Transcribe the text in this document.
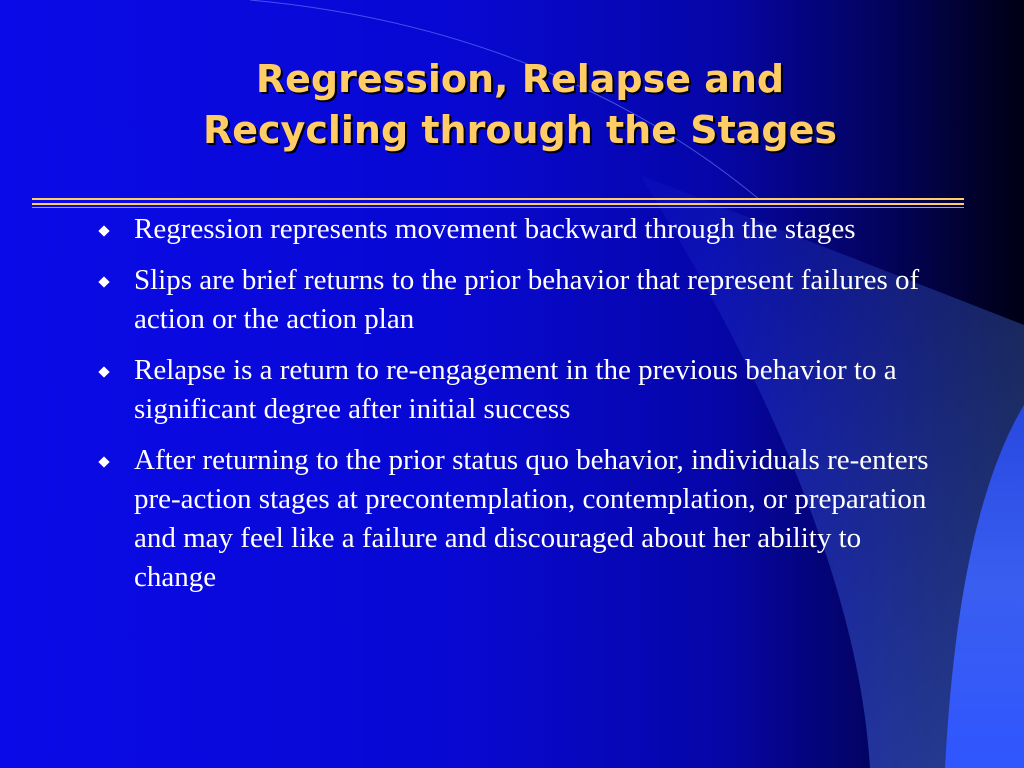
Regression, Relapse and
Recycling through the Stages
Regression represents movement backward through the stages
Slips are brief returns to the prior behavior that represent failures of action or the action plan
Relapse is a return to re-engagement in the previous behavior to a significant degree after initial success
After returning to the prior status quo behavior, individuals re-enters pre-action stages at precontemplation, contemplation, or preparation and may feel like a failure and discouraged about her ability to change
